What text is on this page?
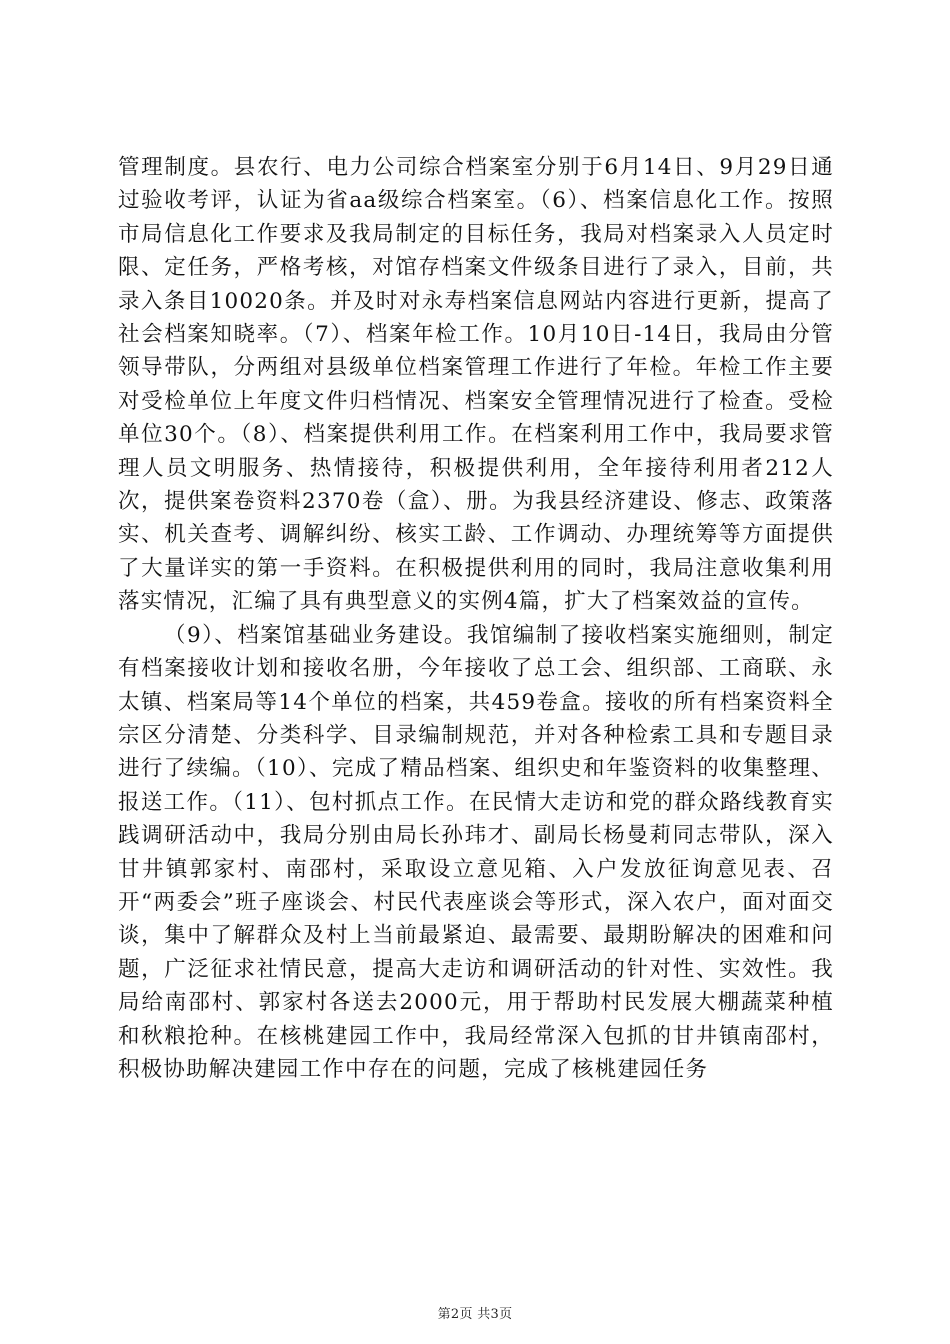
管理制度。县农行、电力公司综合档案室分别于6月14日、9月29日通过验收考评，认证为省aa级综合档案室。（6）、档案信息化工作。按照市局信息化工作要求及我局制定的目标任务，我局对档案录入人员定时限、定任务，严格考核，对馆存档案文件级条目进行了录入，目前，共录入条目10020条。并及时对永寿档案信息网站内容进行更新，提高了社会档案知晓率。（7）、档案年检工作。10月10日-14日，我局由分管领导带队，分两组对县级单位档案管理工作进行了年检。年检工作主要对受检单位上年度文件归档情况、档案安全管理情况进行了检查。受检单位30个。（8）、档案提供利用工作。在档案利用工作中，我局要求管理人员文明服务、热情接待，积极提供利用，全年接待利用者212人次，提供案卷资料2370卷（盒）、册。为我县经济建设、修志、政策落实、机关查考、调解纠纷、核实工龄、工作调动、办理统筹等方面提供了大量详实的第一手资料。在积极提供利用的同时，我局注意收集利用落实情况，汇编了具有典型意义的实例4篇，扩大了档案效益的宣传。

（9）、档案馆基础业务建设。我馆编制了接收档案实施细则，制定有档案接收计划和接收名册，今年接收了总工会、组织部、工商联、永太镇、档案局等14个单位的档案，共459卷盒。接收的所有档案资料全宗区分清楚、分类科学、目录编制规范，并对各种检索工具和专题目录进行了续编。（10）、完成了精品档案、组织史和年鉴资料的收集整理、报送工作。（11）、包村抓点工作。在民情大走访和党的群众路线教育实践调研活动中，我局分别由局长孙玮才、副局长杨曼莉同志带队，深入甘井镇郭家村、南邵村，采取设立意见箱、入户发放征询意见表、召开“两委会”班子座谈会、村民代表座谈会等形式，深入农户，面对面交谈，集中了解群众及村上当前最紧迫、最需要、最期盼解决的困难和问题，广泛征求社情民意，提高大走访和调研活动的针对性、实效性。我局给南邵村、郭家村各送去2000元，用于帮助村民发展大棚蔬菜种植和秋粮抢种。在核桃建园工作中，我局经常深入包抓的甘井镇南邵村，积极协助解决建园工作中存在的问题，完成了核桃建园任务

第2页 共3页
